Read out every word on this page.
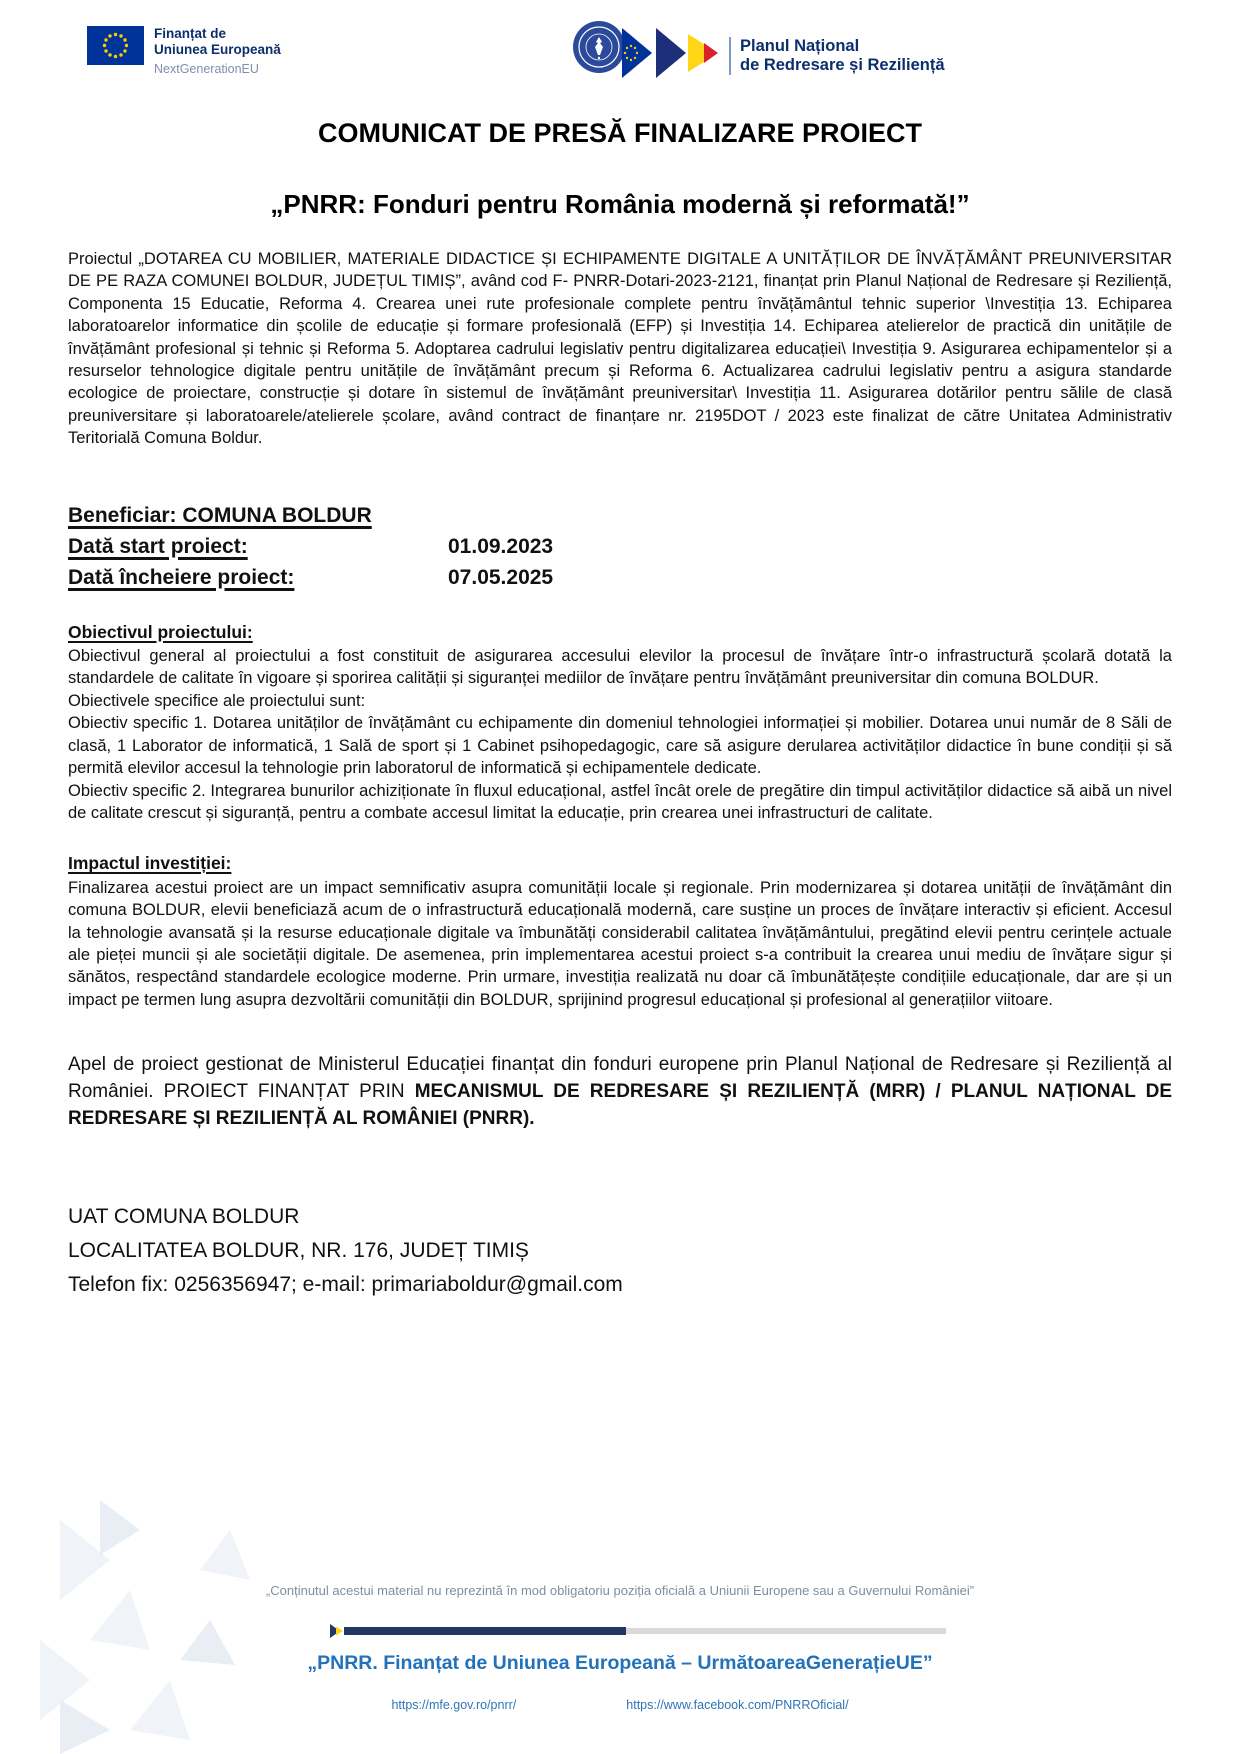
Finanțat de
Uniunea Europeană
NextGenerationEU
Planul Național
de Redresare și Reziliență
COMUNICAT DE PRESĂ FINALIZARE PROIECT
„PNRR: Fonduri pentru România modernă și reformată!”
Proiectul „DOTAREA CU MOBILIER, MATERIALE DIDACTICE ȘI ECHIPAMENTE DIGITALE A UNITĂȚILOR DE ÎNVĂȚĂMÂNT PREUNIVERSITAR DE PE RAZA COMUNEI BOLDUR, JUDEȚUL TIMIȘ”, având cod F- PNRR-Dotari-2023-2121, finanțat prin Planul Național de Redresare și Reziliență, Componenta 15 Educatie, Reforma 4. Crearea unei rute profesionale complete pentru învățământul tehnic superior \Investiția 13. Echiparea laboratoarelor informatice din școlile de educație și formare profesională (EFP) și Investiția 14. Echiparea atelierelor de practică din unitățile de învățământ profesional și tehnic și Reforma 5. Adoptarea cadrului legislativ pentru digitalizarea educației\ Investiția 9. Asigurarea echipamentelor și a resurselor tehnologice digitale pentru unitățile de învățământ precum și Reforma 6. Actualizarea cadrului legislativ pentru a asigura standarde ecologice de proiectare, construcție și dotare în sistemul de învățământ preuniversitar\ Investiția 11. Asigurarea dotărilor pentru sălile de clasă preuniversitare și laboratoarele/atelierele școlare, având contract de finanțare nr. 2195DOT / 2023 este finalizat de către Unitatea Administrativ Teritorială Comuna Boldur.
Beneficiar: COMUNA BOLDUR
Dată start proiect:	01.09.2023
Dată încheiere proiect:	07.05.2025
Obiectivul proiectului:
Obiectivul general al proiectului a fost constituit de asigurarea accesului elevilor la procesul de învățare într-o infrastructură școlară dotată la standardele de calitate în vigoare și sporirea calității și siguranței mediilor de învățare pentru învățământ preuniversitar din comuna BOLDUR.
Obiectivele specifice ale proiectului sunt:
Obiectiv specific 1. Dotarea unităților de învățământ cu echipamente din domeniul tehnologiei informației și mobilier. Dotarea unui număr de 8 Săli de clasă, 1 Laborator de informatică, 1 Sală de sport și 1 Cabinet psihopedagogic, care să asigure derularea activităților didactice în bune condiții și să permită elevilor accesul la tehnologie prin laboratorul de informatică și echipamentele dedicate.
Obiectiv specific 2. Integrarea bunurilor achiziționate în fluxul educațional, astfel încât orele de pregătire din timpul activităților didactice să aibă un nivel de calitate crescut și siguranță, pentru a combate accesul limitat la educație, prin crearea unei infrastructuri de calitate.
Impactul investiției:
Finalizarea acestui proiect are un impact semnificativ asupra comunității locale și regionale. Prin modernizarea și dotarea unității de învățământ din comuna BOLDUR, elevii beneficiază acum de o infrastructură educațională modernă, care susține un proces de învățare interactiv și eficient. Accesul la tehnologie avansată și la resurse educaționale digitale va îmbunătăți considerabil calitatea învățământului, pregătind elevii pentru cerințele actuale ale pieței muncii și ale societății digitale. De asemenea, prin implementarea acestui proiect s-a contribuit la crearea unui mediu de învățare sigur și sănătos, respectând standardele ecologice moderne. Prin urmare, investiția realizată nu doar că îmbunătățește condițiile educaționale, dar are și un impact pe termen lung asupra dezvoltării comunității din BOLDUR, sprijinind progresul educațional și profesional al generațiilor viitoare.
Apel de proiect gestionat de Ministerul Educației finanțat din fonduri europene prin Planul Național de Redresare și Reziliență al României. PROIECT FINANȚAT PRIN MECANISMUL DE REDRESARE ȘI REZILIENȚĂ (MRR) / PLANUL NAȚIONAL DE REDRESARE ȘI REZILIENȚĂ AL ROMÂNIEI (PNRR).
UAT COMUNA BOLDUR
LOCALITATEA BOLDUR, NR. 176, JUDEȚ TIMIȘ
Telefon fix: 0256356947; e-mail: primariaboldur@gmail.com
„Conținutul acestui material nu reprezintă în mod obligatoriu poziția oficială a Uniunii Europene sau a Guvernului României”
„PNRR. Finanțat de Uniunea Europeană – UrmătoareaGenerațieUE”
https://mfe.gov.ro/pnrr/	https://www.facebook.com/PNRROficial/
